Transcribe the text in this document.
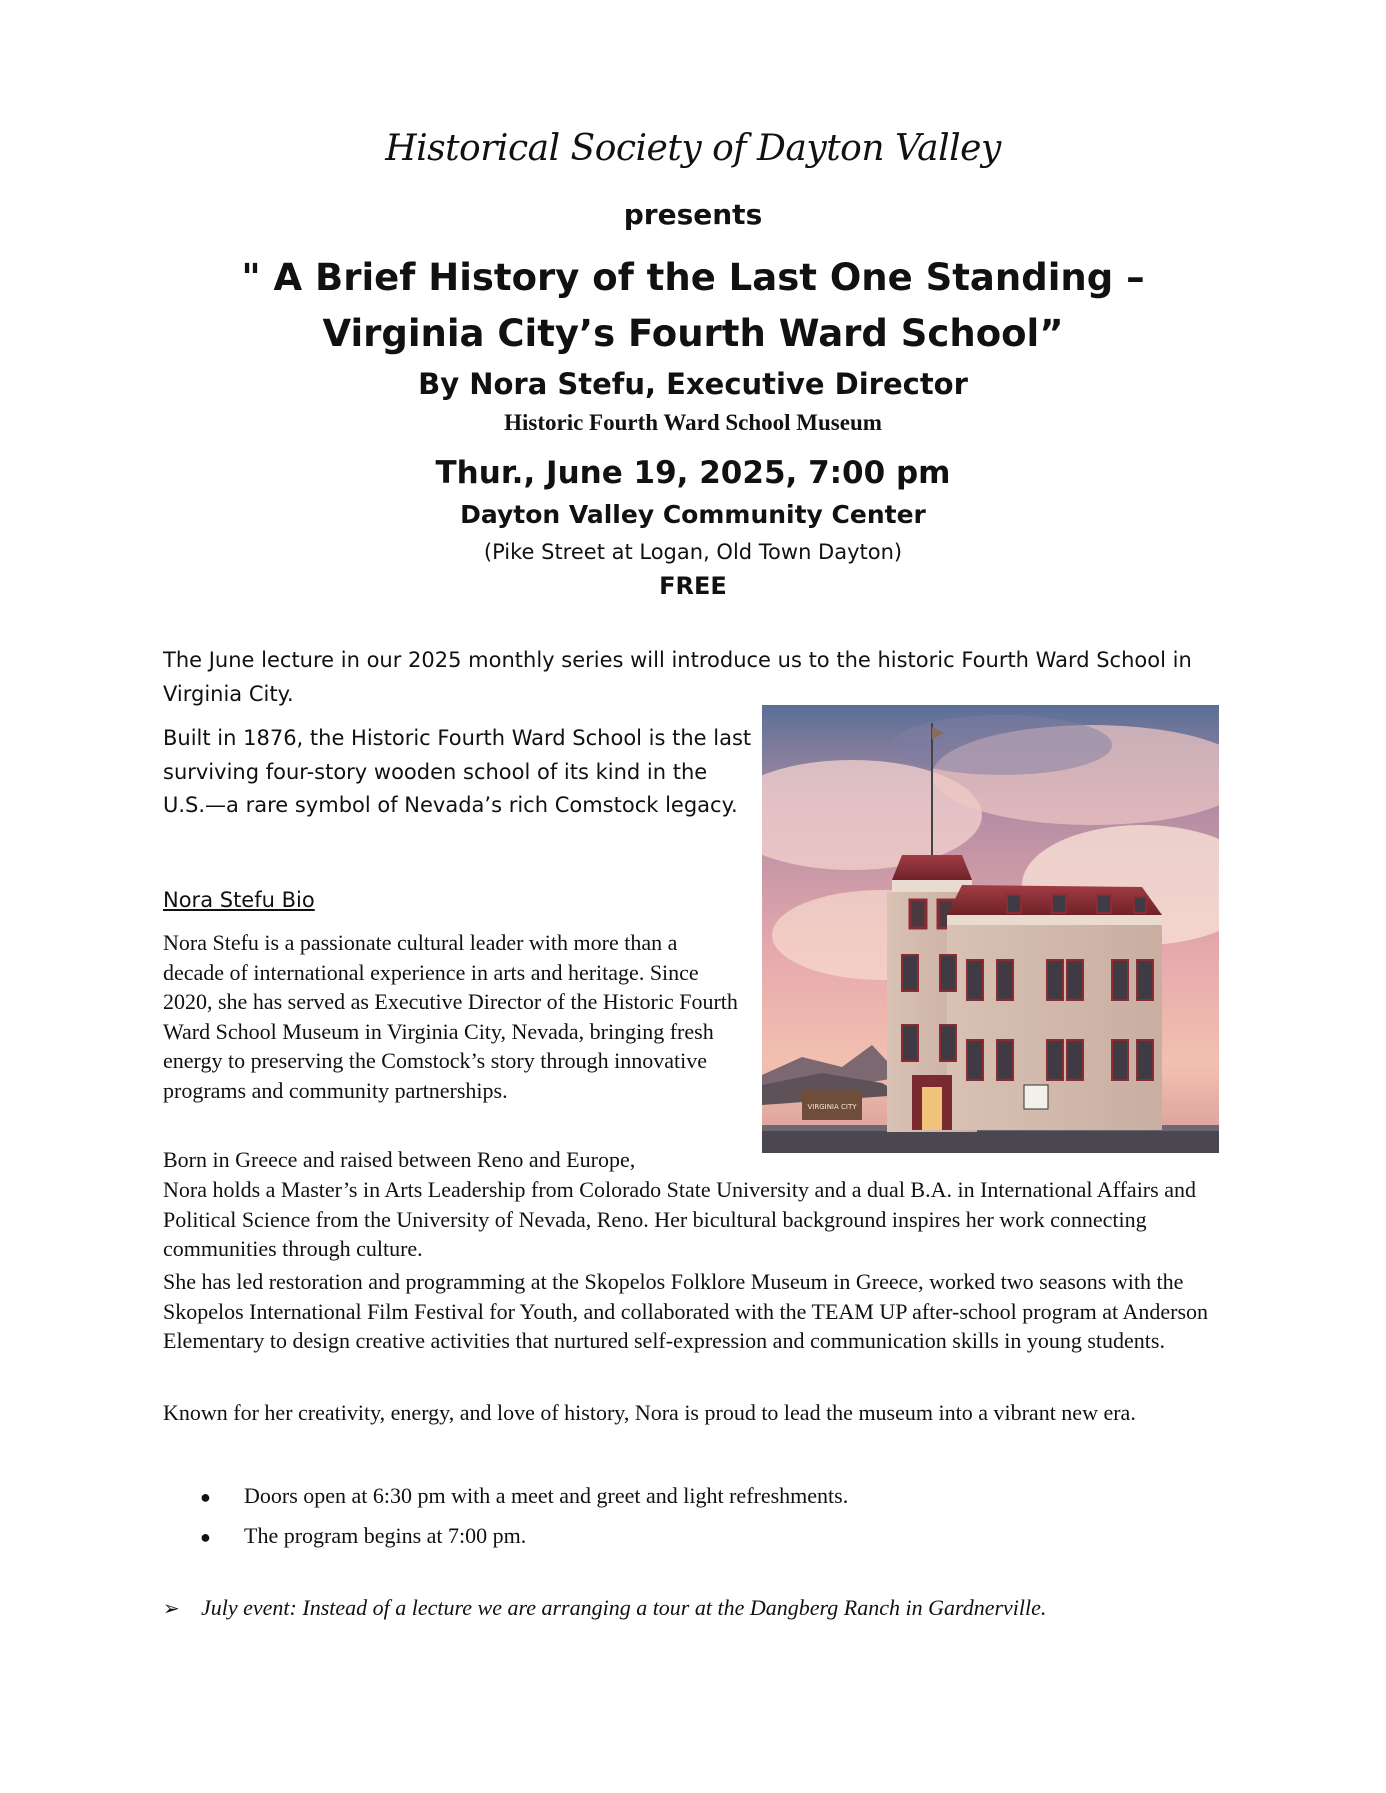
Historical Society of Dayton Valley

presents

" A Brief History of the Last One Standing –

Virginia City’s Fourth Ward School”

By Nora Stefu, Executive Director

Historic Fourth Ward School Museum

Thur., June 19, 2025, 7:00 pm

Dayton Valley Community Center

(Pike Street at Logan, Old Town Dayton)

FREE

The June lecture in our 2025 monthly series will introduce us to the historic Fourth Ward School in Virginia City.

Built in 1876, the Historic Fourth Ward School is the last surviving four-story wooden school of its kind in the U.S.—a rare symbol of Nevada’s rich Comstock legacy.

VIRGINIA CITY

Nora Stefu Bio

Nora Stefu is a passionate cultural leader with more than a decade of international experience in arts and heritage. Since 2020, she has served as Executive Director of the Historic Fourth Ward School Museum in Virginia City, Nevada, bringing fresh energy to preserving the Comstock’s story through innovative programs and community partnerships.

Born in Greece and raised between Reno and Europe,

Nora holds a Master’s in Arts Leadership from Colorado State University and a dual B.A. in International Affairs and Political Science from the University of Nevada, Reno. Her bicultural background inspires her work connecting communities through culture.

She has led restoration and programming at the Skopelos Folklore Museum in Greece, worked two seasons with the Skopelos International Film Festival for Youth, and collaborated with the TEAM UP after-school program at Anderson Elementary to design creative activities that nurtured self-expression and communication skills in young students.

Known for her creativity, energy, and love of history, Nora is proud to lead the museum into a vibrant new era.

● Doors open at 6:30 pm with a meet and greet and light refreshments.

● The program begins at 7:00 pm.

➢ July event: Instead of a lecture we are arranging a tour at the Dangberg Ranch in Gardnerville.
